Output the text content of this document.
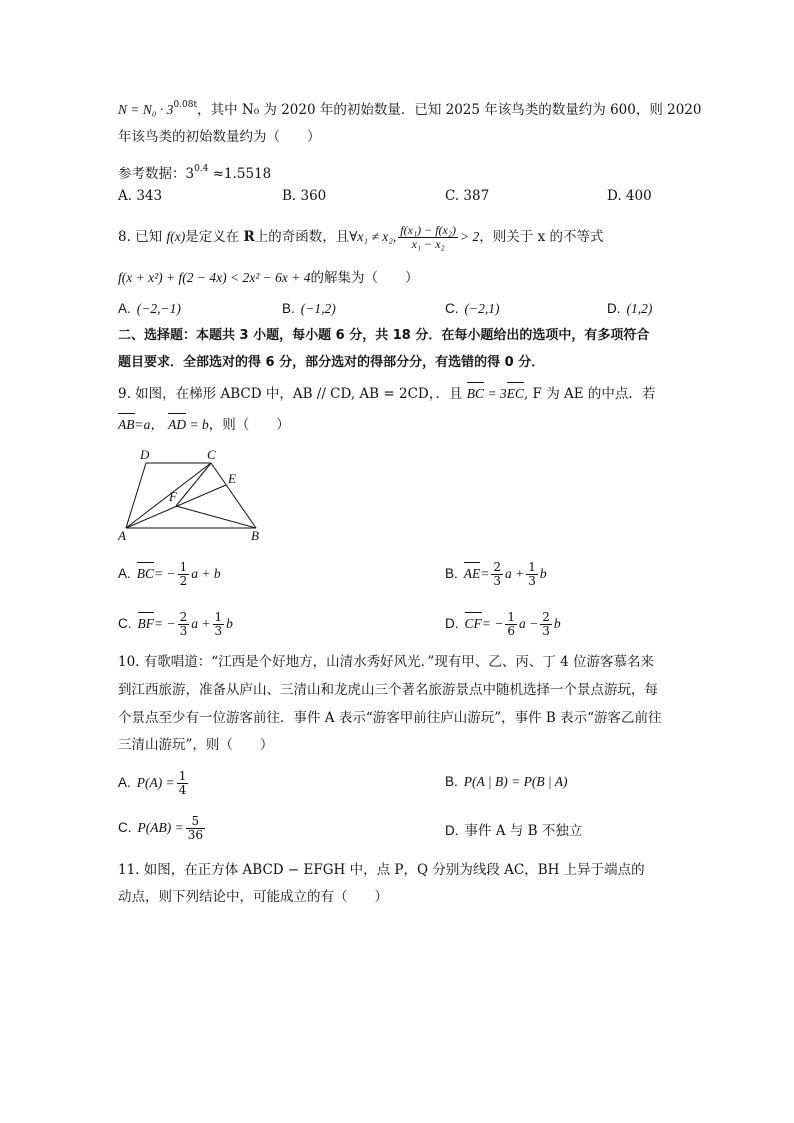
$N = N_0 \cdot 3^{0.08t}$，其中 N₀ 为 2020 年的初始数量．已知 2025 年该鸟类的数量约为 600，则 2020
年该鸟类的初始数量约为（　　）
参考数据：$3^{0.4} \approx 1.5518$
A. 343	B. 360	C. 387	D. 400
8. 已知 f(x)是定义在 R上的奇函数，且∀x₁ ≠ x₂, $\frac{\text{f(x₁) − f(x₂)}}{\text{x₁ − x₂}} > 2$，则关于 x 的不等式
f(x + x²) + f(2 − 4x) < 2x² − 6x + 4的解集为（　　）
A. (−2,−1)	B. (−1,2)	C. (−2,1)	D. (1,2)
二、选择题：本题共 3 小题，每小题 6 分，共 18 分．在每小题给出的选项中，有多项符合
题目要求．全部选对的得 6 分，部分选对的得部分分，有选错的得 0 分．
9. 如图，在梯形 ABCD 中，AB // CD, AB = 2CD，．且 BC = 3EC, F 为 AE 的中点．若
AB=a， AD = b，则（　　）
A	B
C
D
E
F
A. $BC= - \frac{1}{2}$ a + b	B. $AE= \frac{2}{3}$ $a + \frac{1}{3}$ b
C. $BF= - \frac{2}{3}$ $a + \frac{1}{3}$ b	D. $CF= - \frac{1}{6}$ $a - \frac{2}{3}$ b
10. 有歌唱道：“江西是个好地方，山清水秀好风光．”现有甲、乙、丙、丁 4 位游客慕名来
到江西旅游，准备从庐山、三清山和龙虎山三个著名旅游景点中随机选择一个景点游玩，每
个景点至少有一位游客前往．事件 A 表示“游客甲前往庐山游玩”，事件 B 表示“游客乙前往
三清山游玩”，则（　　）
A. $P(A) = \frac{1}{4}$	B. P(A | B) = P(B | A)
C. $P(AB) = \frac{5}{36}$	D. 事件 A 与 B 不独立
11. 如图，在正方体 ABCD − EFGH 中，点 P，Q 分别为线段 AC，BH 上异于端点的
动点，则下列结论中，可能成立的有（　　）
